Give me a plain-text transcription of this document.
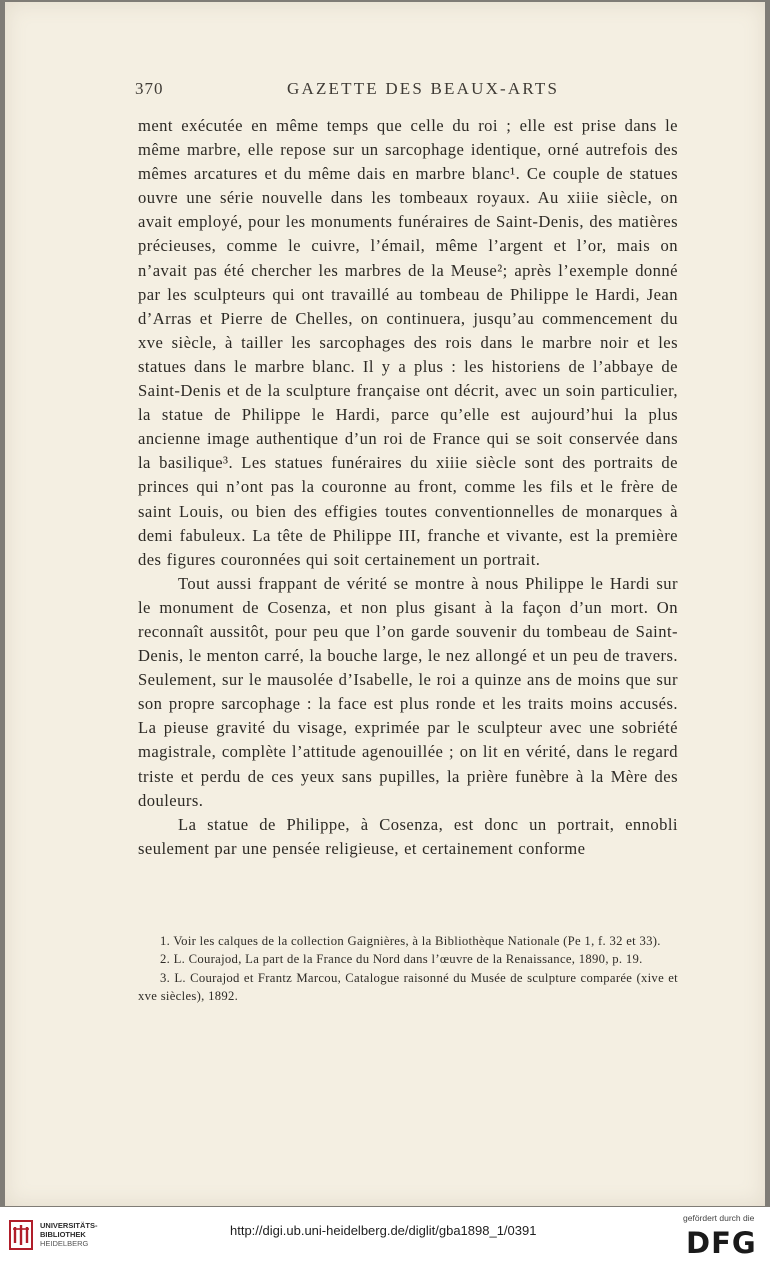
370	GAZETTE DES BEAUX-ARTS

ment exécutée en même temps que celle du roi ; elle est prise dans le même marbre, elle repose sur un sarcophage identique, orné autrefois des mêmes arcatures et du même dais en marbre blanc¹. Ce couple de statues ouvre une série nouvelle dans les tombeaux royaux. Au xiiie siècle, on avait employé, pour les monuments funéraires de Saint-Denis, des matières précieuses, comme le cuivre, l’émail, même l’argent et l’or, mais on n’avait pas été chercher les marbres de la Meuse²; après l’exemple donné par les sculpteurs qui ont travaillé au tombeau de Philippe le Hardi, Jean d’Arras et Pierre de Chelles, on continuera, jusqu’au commencement du xve siècle, à tailler les sarcophages des rois dans le marbre noir et les statues dans le marbre blanc. Il y a plus : les historiens de l’abbaye de Saint-Denis et de la sculpture française ont décrit, avec un soin particulier, la statue de Philippe le Hardi, parce qu’elle est aujourd’hui la plus ancienne image authentique d’un roi de France qui se soit conservée dans la basilique³. Les statues funéraires du xiiie siècle sont des portraits de princes qui n’ont pas la couronne au front, comme les fils et le frère de saint Louis, ou bien des effigies toutes conventionnelles de monarques à demi fabuleux. La tête de Philippe III, franche et vivante, est la première des figures couronnées qui soit certainement un portrait.

Tout aussi frappant de vérité se montre à nous Philippe le Hardi sur le monument de Cosenza, et non plus gisant à la façon d’un mort. On reconnaît aussitôt, pour peu que l’on garde souvenir du tombeau de Saint-Denis, le menton carré, la bouche large, le nez allongé et un peu de travers. Seulement, sur le mausolée d’Isabelle, le roi a quinze ans de moins que sur son propre sarcophage : la face est plus ronde et les traits moins accusés. La pieuse gravité du visage, exprimée par le sculpteur avec une sobriété magistrale, complète l’attitude agenouillée ; on lit en vérité, dans le regard triste et perdu de ces yeux sans pupilles, la prière funèbre à la Mère des douleurs.

La statue de Philippe, à Cosenza, est donc un portrait, ennobli seulement par une pensée religieuse, et certainement conforme

1. Voir les calques de la collection Gaignières, à la Bibliothèque Nationale (Pe 1, f. 32 et 33).

2. L. Courajod, La part de la France du Nord dans l’œuvre de la Renaissance, 1890, p. 19.

3. L. Courajod et Frantz Marcou, Catalogue raisonné du Musée de sculpture comparée (xive et xve siècles), 1892.

UNIVERSITÄTS-
BIBLIOTHEK
HEIDELBERG
http://digi.ub.uni-heidelberg.de/diglit/gba1898_1/0391
gefördert durch die
DFG
